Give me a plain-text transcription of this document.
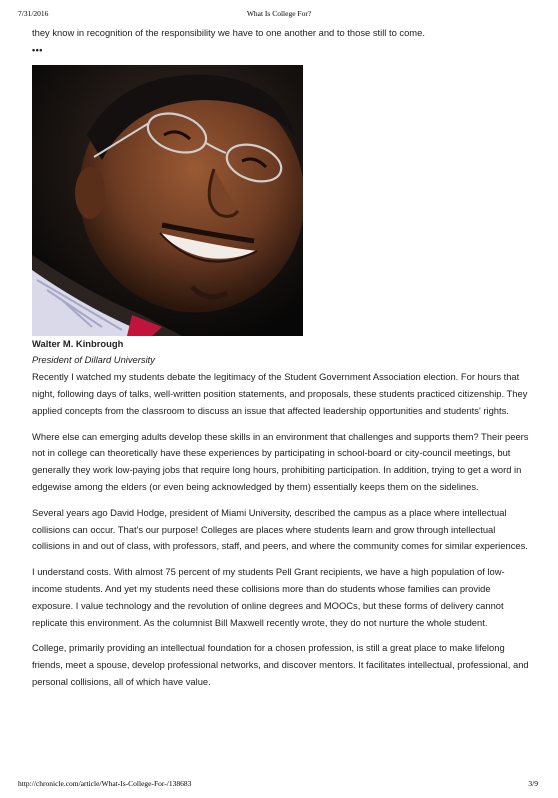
7/31/2016	What Is College For?

they know in recognition of the responsibility we have to one another and to those still to come.

•••

Walter M. Kinbrough

President of Dillard University

Recently I watched my students debate the legitimacy of the Student Government Association election. For hours that night, following days of talks, well-written position statements, and proposals, these students practiced citizenship. They applied concepts from the classroom to discuss an issue that affected leadership opportunities and students' rights.

Where else can emerging adults develop these skills in an environment that challenges and supports them? Their peers not in college can theoretically have these experiences by participating in school-board or city-council meetings, but generally they work low-paying jobs that require long hours, prohibiting participation. In addition, trying to get a word in edgewise among the elders (or even being acknowledged by them) essentially keeps them on the sidelines.

Several years ago David Hodge, president of Miami University, described the campus as a place where intellectual collisions can occur. That's our purpose! Colleges are places where students learn and grow through intellectual collisions in and out of class, with professors, staff, and peers, and where the community comes for similar experiences.

I understand costs. With almost 75 percent of my students Pell Grant recipients, we have a high population of low-income students. And yet my students need these collisions more than do students whose families can provide exposure. I value technology and the revolution of online degrees and MOOCs, but these forms of delivery cannot replicate this environment. As the columnist Bill Maxwell recently wrote, they do not nurture the whole student.

College, primarily providing an intellectual foundation for a chosen profession, is still a great place to make lifelong friends, meet a spouse, develop professional networks, and discover mentors. It facilitates intellectual, professional, and personal collisions, all of which have value.

http://chronicle.com/article/What-Is-College-For-/138683	3/9
